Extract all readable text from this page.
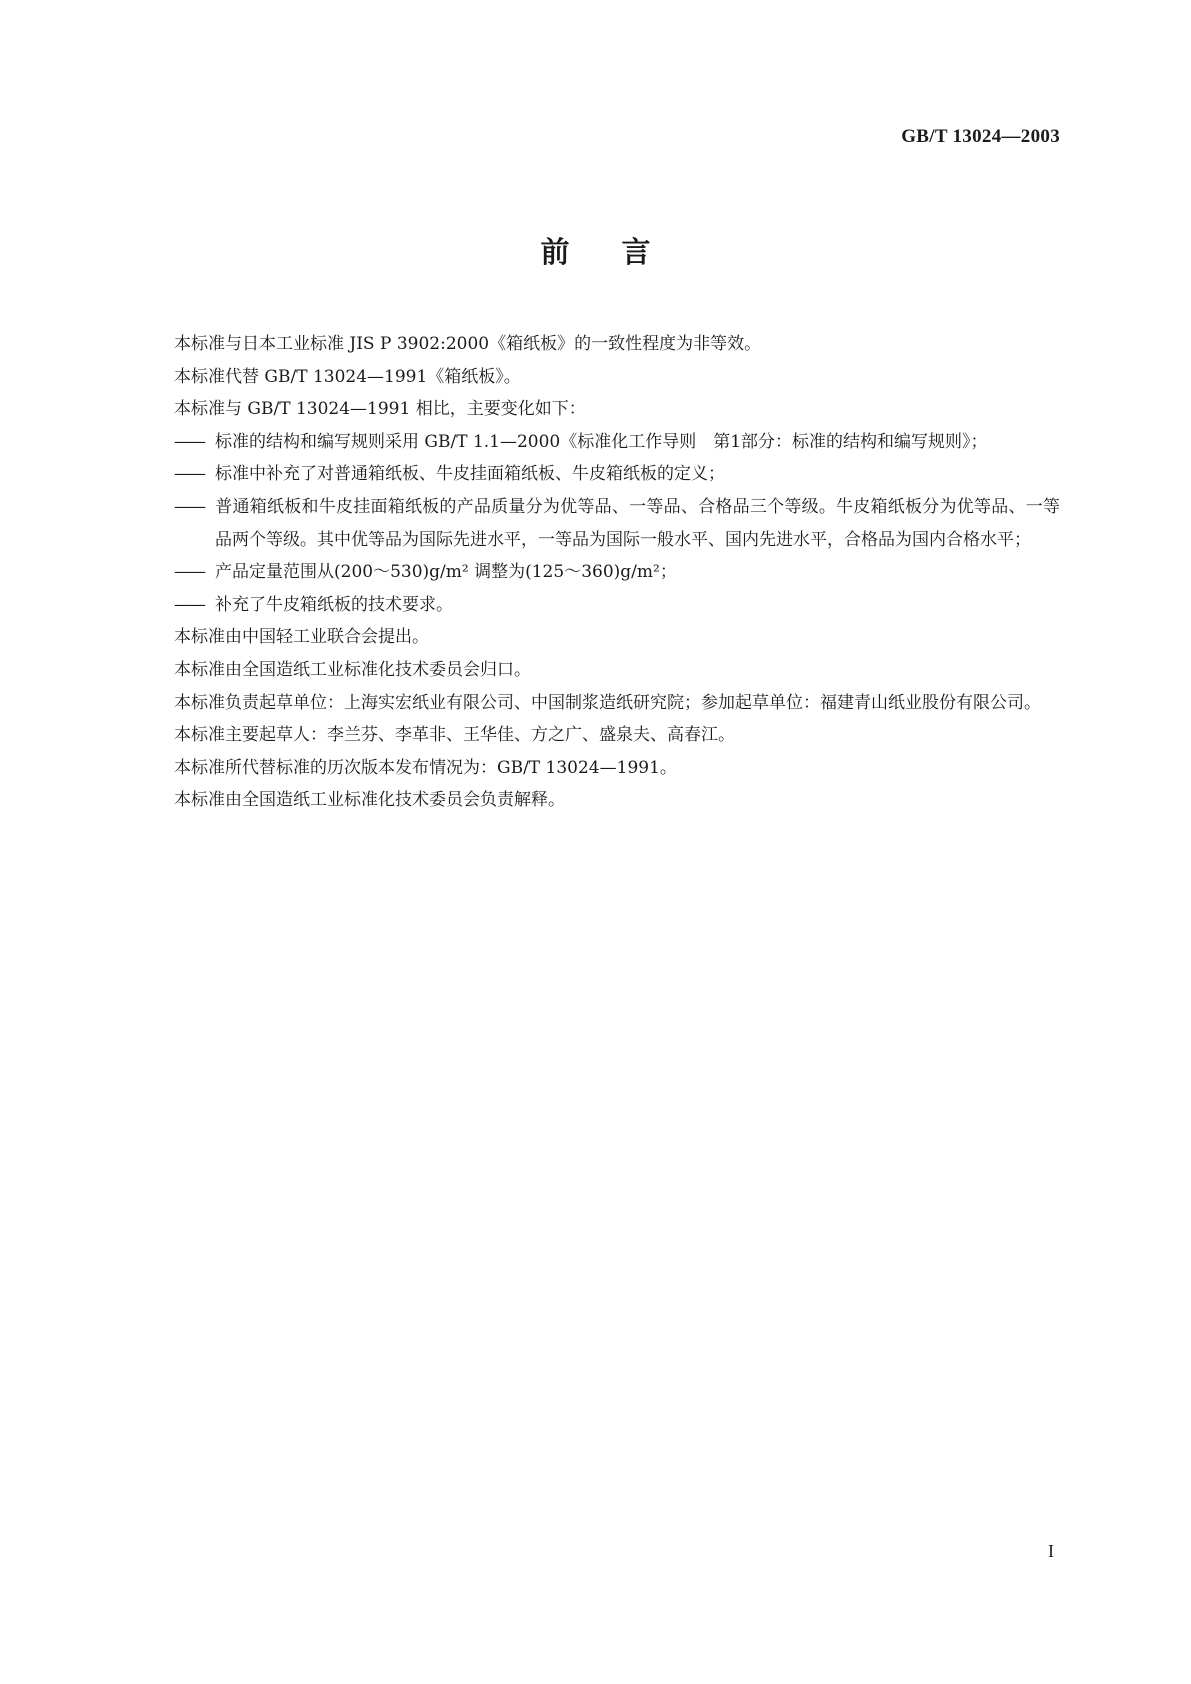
GB/T 13024—2003
前言

本标准与日本工业标准 JIS P 3902:2000《箱纸板》的一致性程度为非等效。

本标准代替 GB/T 13024—1991《箱纸板》。

本标准与 GB/T 13024—1991 相比，主要变化如下：

—— 标准的结构和编写规则采用 GB/T 1.1—2000《标准化工作导则　第1部分：标准的结构和编写规则》；

—— 标准中补充了对普通箱纸板、牛皮挂面箱纸板、牛皮箱纸板的定义；

—— 普通箱纸板和牛皮挂面箱纸板的产品质量分为优等品、一等品、合格品三个等级。牛皮箱纸板分为优等品、一等品两个等级。其中优等品为国际先进水平，一等品为国际一般水平、国内先进水平，合格品为国内合格水平；

—— 产品定量范围从(200～530)g/m² 调整为(125～360)g/m²；

—— 补充了牛皮箱纸板的技术要求。

本标准由中国轻工业联合会提出。

本标准由全国造纸工业标准化技术委员会归口。

本标准负责起草单位：上海实宏纸业有限公司、中国制浆造纸研究院；参加起草单位：福建青山纸业股份有限公司。

本标准主要起草人：李兰芬、李革非、王华佳、方之广、盛泉夫、高春江。

本标准所代替标准的历次版本发布情况为：GB/T 13024—1991。

本标准由全国造纸工业标准化技术委员会负责解释。

I
